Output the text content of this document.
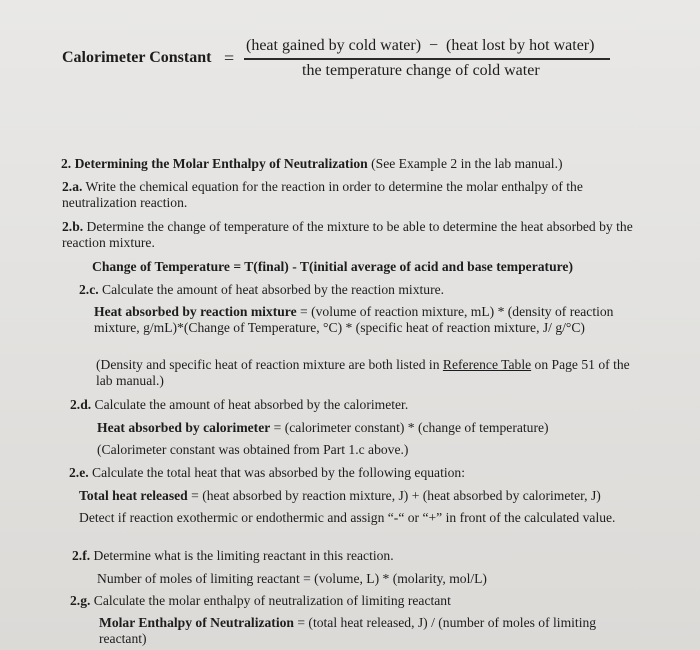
Calorimeter Constant =
(heat gained by cold water)  −  (heat lost by hot water)
the temperature change of cold water
2. Determining the Molar Enthalpy of Neutralization (See Example 2 in the lab manual.)
2.a. Write the chemical equation for the reaction in order to determine the molar enthalpy of the neutralization reaction.
2.b. Determine the change of temperature of the mixture to be able to determine the heat absorbed by the reaction mixture.
Change of Temperature = T(final) - T(initial average of acid and base temperature)
2.c. Calculate the amount of heat absorbed by the reaction mixture.
Heat absorbed by reaction mixture = (volume of reaction mixture, mL) * (density of reaction mixture, g/mL)*(Change of Temperature, °C) * (specific heat of reaction mixture, J/ g/°C)
(Density and specific heat of reaction mixture are both listed in Reference Table on Page 51 of the lab manual.)
2.d. Calculate the amount of heat absorbed by the calorimeter.
Heat absorbed by calorimeter = (calorimeter constant) * (change of temperature)
(Calorimeter constant was obtained from Part 1.c above.)
2.e. Calculate the total heat that was absorbed by the following equation:
Total heat released = (heat absorbed by reaction mixture, J) + (heat absorbed by calorimeter, J)
Detect if reaction exothermic or endothermic and assign “-“ or “+” in front of the calculated value.
2.f. Determine what is the limiting reactant in this reaction.
Number of moles of limiting reactant = (volume, L) * (molarity, mol/L)
2.g. Calculate the molar enthalpy of neutralization of limiting reactant
Molar Enthalpy of Neutralization = (total heat released, J) / (number of moles of limiting reactant)
